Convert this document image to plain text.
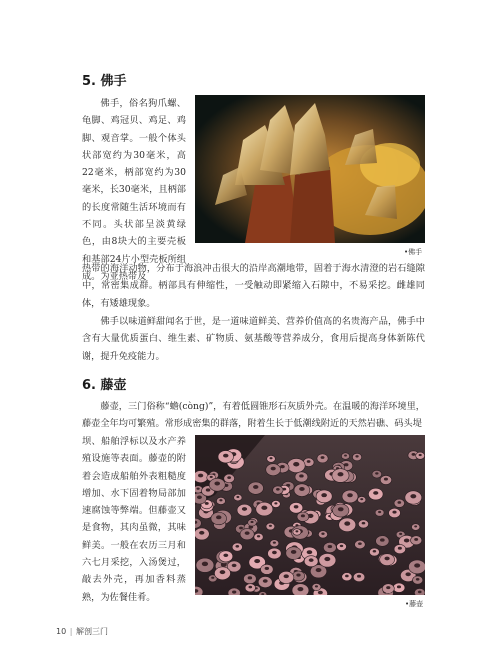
5. 佛手

佛手，俗名狗爪螺、龟脚、鸡冠贝、鸡足、鸡脚、观音掌。一般个体头状部宽约为30毫米，高22毫米，柄部宽约为30毫米，长30毫米，且柄部的长度常随生活环境而有不同。头状部呈淡黄绿色，由8块大的主要壳板和基部24片小型壳板所组成。为亚热带及

•佛手

热带的海洋动物，分布于海浪冲击很大的沿岸高潮地带，固着于海水清澄的岩石缝隙中，常密集成群。柄部具有伸缩性，一受触动即紧缩入石隙中，不易采挖。雌雄同体，有矮雄现象。

佛手以味道鲜甜闻名于世，是一道味道鲜美、营养价值高的名贵海产品，佛手中含有大量优质蛋白、维生素、矿物质、氨基酸等营养成分，食用后提高身体新陈代谢，提升免疫能力。

6. 藤壶

藤壶，三门俗称“蟾(còng)”，有着低圆锥形石灰质外壳。在温暖的海洋环境里，藤壶全年均可繁殖。常形成密集的群落，附着生长于低潮线附近的天然岩礁、码头堤

坝、船舶浮标以及水产养殖设施等表面。藤壶的附着会造成船舶外表粗糙度增加、水下固着物局部加速腐蚀等弊端。但藤壶又是食物，其肉虽微，其味鲜美。一般在农历三月和六七月采挖，入汤煲过，敲去外壳，再加香料蒸熟，为佐餐佳肴。

•藤壶
10 | 解剖三门
